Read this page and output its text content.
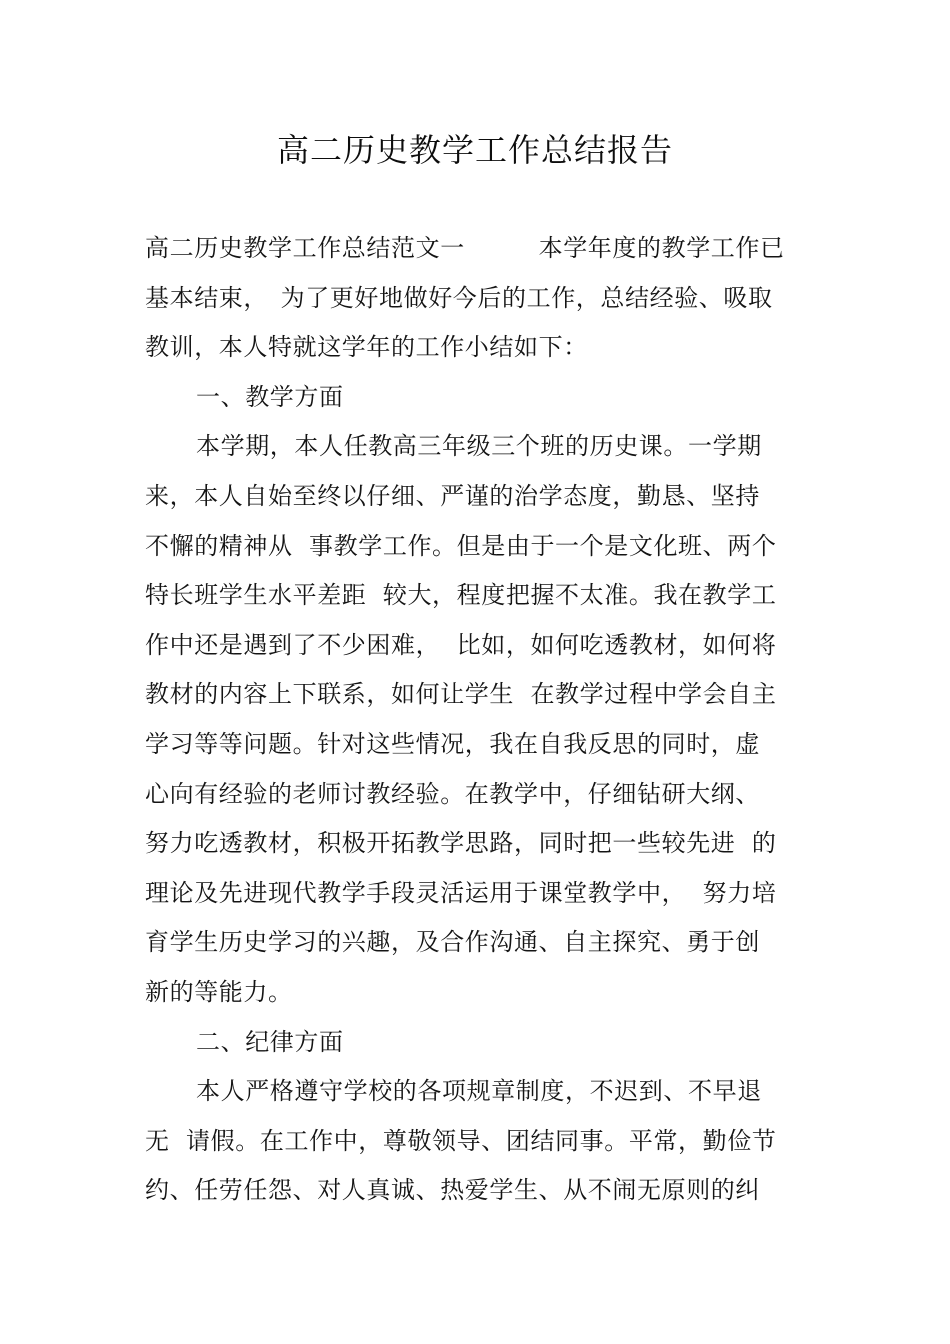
高二历史教学工作总结报告
高二历史教学工作总结范文一　　　本学年度的教学工作已
基本结束，　为了更好地做好今后的工作，总结经验、吸取
教训，本人特就这学年的工作小结如下：
一、教学方面
本学期，本人任教高三年级三个班的历史课。一学期
来，本人自始至终以仔细、严谨的治学态度，勤恳、坚持
不懈的精神从  事教学工作。但是由于一个是文化班、两个
特长班学生水平差距  较大，程度把握不太准。我在教学工
作中还是遇到了不少困难，  比如，如何吃透教材，如何将
教材的内容上下联系，如何让学生  在教学过程中学会自主
学习等等问题。针对这些情况，我在自我反思的同时，虚
心向有经验的老师讨教经验。在教学中，仔细钻研大纲、
努力吃透教材，积极开拓教学思路，同时把一些较先进  的
理论及先进现代教学手段灵活运用于课堂教学中，  努力培
育学生历史学习的兴趣，及合作沟通、自主探究、勇于创
新的等能力。
二、纪律方面
本人严格遵守学校的各项规章制度，不迟到、不早退
无  请假。在工作中，尊敬领导、团结同事。平常，勤俭节
约、任劳任怨、对人真诚、热爱学生、从不闹无原则的纠
